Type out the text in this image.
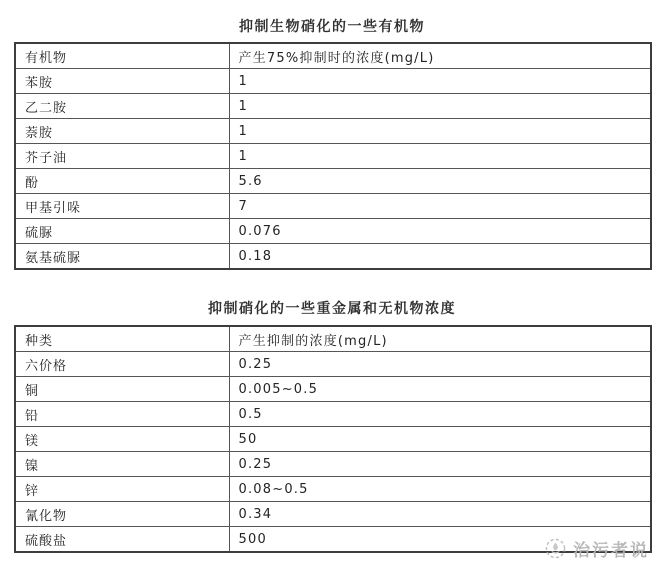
抑制生物硝化的一些有机物
有机物	产生75%抑制时的浓度(mg/L)
苯胺	1
乙二胺	1
萘胺	1
芥子油	1
酚	5.6
甲基引哚	7
硫脲	0.076
氨基硫脲	0.18
抑制硝化的一些重金属和无机物浓度
种类	产生抑制的浓度(mg/L)
六价格	0.25
铜	0.005~0.5
铅	0.5
镁	50
镍	0.25
锌	0.08~0.5
氰化物	0.34
硫酸盐	500
治污者说
